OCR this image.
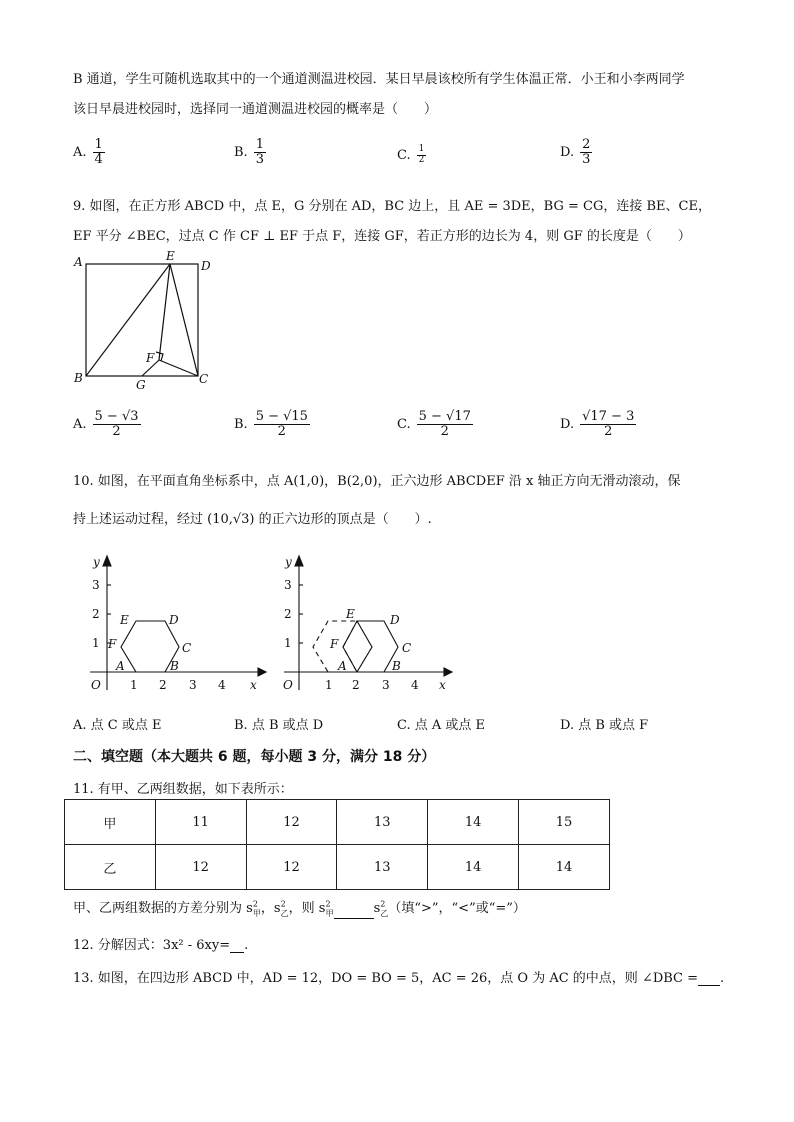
B 通道，学生可随机选取其中的一个通道测温进校园．某日早晨该校所有学生体温正常．小王和小李两同学
该日早晨进校园时，选择同一通道测温进校园的概率是（　　）
A. $\frac{1}{4}$	B. $\frac{1}{3}$	C. $\frac{1}{2}$	D. $\frac{2}{3}$
9. 如图，在正方形 ABCD 中，点 E，G 分别在 AD，BC 边上，且 AE = 3DE，BG = CG，连接 BE、CE，
EF 平分 ∠BEC，过点 C 作 CF ⊥ EF 于点 F，连接 GF，若正方形的边长为 4，则 GF 的长度是（　　）
A	E
D
B	G	C
F
A. $\frac{5 - √3}{2}$	B. $\frac{5 - √15}{2}$	C. $\frac{5 - √17}{2}$	D. $\frac{√17 - 3}{2}$
10. 如图，在平面直角坐标系中，点 A(1,0)，B(2,0)，正六边形 ABCDEF 沿 x 轴正方向无滑动滚动，保
持上述运动过程，经过 (10,√3) 的正六边形的顶点是（　　）.
y
x
O 1 2 3 4
1
2
3
A	B
C
D
E
F
y
x
O	1 2 3 4
1
2
3
A	B
C
D
E
F
A. 点 C 或点 E	B. 点 B 或点 D	C. 点 A 或点 E	D. 点 B 或点 F
二、填空题（本大题共 6 题，每小题 3 分，满分 18 分）
11. 有甲、乙两组数据，如下表所示：
甲	11	12	13	14	15
乙	12	12	13	14	14
甲、乙两组数据的方差分别为 $s^2_甲$，$s^2_乙$，则 $s^2_甲$	$s^2_乙$（填“>”，“<”或“=”）
12. 分解因式：3x² - 6xy= .
13. 如图，在四边形 ABCD 中，AD = 12，DO = BO = 5，AC = 26，点 O 为 AC 的中点，则 ∠DBC = .
